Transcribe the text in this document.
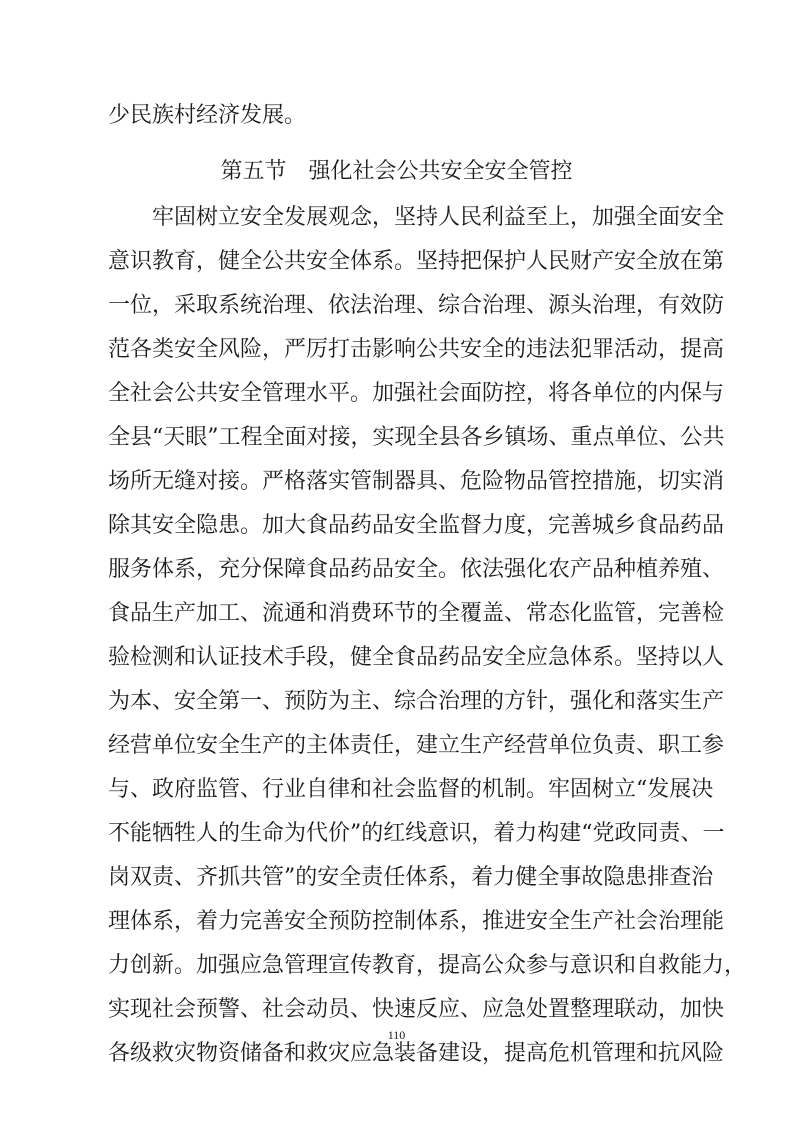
少民族村经济发展。
第五节　强化社会公共安全安全管控
牢固树立安全发展观念，坚持人民利益至上，加强全面安全
意识教育，健全公共安全体系。坚持把保护人民财产安全放在第
一位，采取系统治理、依法治理、综合治理、源头治理，有效防
范各类安全风险，严厉打击影响公共安全的违法犯罪活动，提高
全社会公共安全管理水平。加强社会面防控，将各单位的内保与
全县“天眼”工程全面对接，实现全县各乡镇场、重点单位、公共
场所无缝对接。严格落实管制器具、危险物品管控措施，切实消
除其安全隐患。加大食品药品安全监督力度，完善城乡食品药品
服务体系，充分保障食品药品安全。依法强化农产品种植养殖、
食品生产加工、流通和消费环节的全覆盖、常态化监管，完善检
验检测和认证技术手段，健全食品药品安全应急体系。坚持以人
为本、安全第一、预防为主、综合治理的方针，强化和落实生产
经营单位安全生产的主体责任，建立生产经营单位负责、职工参
与、政府监管、行业自律和社会监督的机制。牢固树立“发展决
不能牺牲人的生命为代价”的红线意识，着力构建“党政同责、一
岗双责、齐抓共管”的安全责任体系，着力健全事故隐患排查治
理体系，着力完善安全预防控制体系，推进安全生产社会治理能
力创新。加强应急管理宣传教育，提高公众参与意识和自救能力，
实现社会预警、社会动员、快速反应、应急处置整理联动，加快
各级救灾物资储备和救灾应急装备建设，提高危机管理和抗风险
110
